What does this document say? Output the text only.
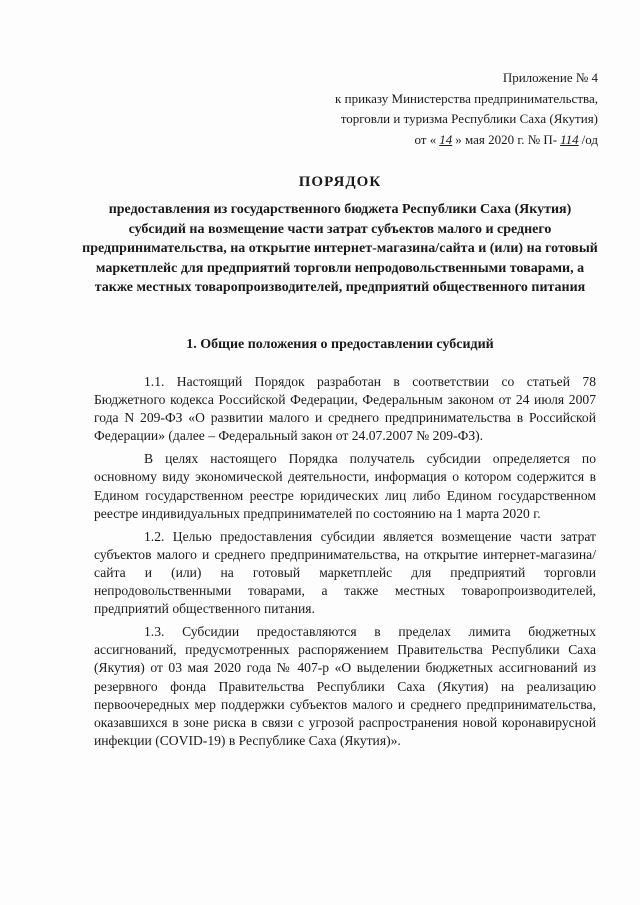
Приложение № 4
к приказу Министерства предпринимательства,
торговли и туризма Республики Саха (Якутия)
от « 14 » мая 2020 г. № П- 114 /од

ПОРЯДОК

предоставления из государственного бюджета Республики Саха (Якутия) субсидий на возмещение части затрат субъектов малого и среднего предпринимательства, на открытие интернет-магазина/сайта и (или) на готовый маркетплейс для предприятий торговли непродовольственными товарами, а также местных товаропроизводителей, предприятий общественного питания

1. Общие положения о предоставлении субсидий

1.1. Настоящий Порядок разработан в соответствии со статьей 78 Бюджетного кодекса Российской Федерации, Федеральным законом от 24 июля 2007 года N 209-ФЗ «О развитии малого и среднего предпринимательства в Российской Федерации» (далее – Федеральный закон от 24.07.2007 № 209-ФЗ).

В целях настоящего Порядка получатель субсидии определяется по основному виду экономической деятельности, информация о котором содержится в Едином государственном реестре юридических лиц либо Едином государственном реестре индивидуальных предпринимателей по состоянию на 1 марта 2020 г.

1.2. Целью предоставления субсидии является возмещение части затрат субъектов малого и среднего предпринимательства, на открытие интернет-магазина/сайта и (или) на готовый маркетплейс для предприятий торговли непродовольственными товарами, а также местных товаропроизводителей, предприятий общественного питания.

1.3. Субсидии предоставляются в пределах лимита бюджетных ассигнований, предусмотренных распоряжением Правительства Республики Саха (Якутия) от 03 мая 2020 года № 407-р «О выделении бюджетных ассигнований из резервного фонда Правительства Республики Саха (Якутия) на реализацию первоочередных мер поддержки субъектов малого и среднего предпринимательства, оказавшихся в зоне риска в связи с угрозой распространения новой коронавирусной инфекции (COVID-19) в Республике Саха (Якутия)».
